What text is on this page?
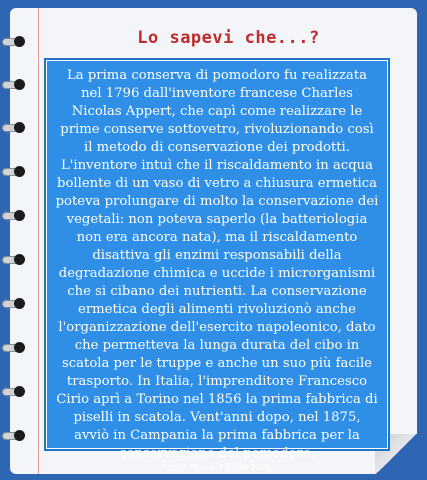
Lo sapevi che...?

La prima conserva di pomodoro fu realizzata nel 1796 dall'inventore francese Charles Nicolas Appert, che capì come realizzare le prime conserve sottovetro, rivoluzionando così il metodo di conservazione dei prodotti. L'inventore intuì che il riscaldamento in acqua bollente di un vaso di vetro a chiusura ermetica poteva prolungare di molto la conservazione dei vegetali: non poteva saperlo (la batteriologia non era ancora nata), ma il riscaldamento disattiva gli enzimi responsabili della degradazione chimica e uccide i microrganismi che si cibano dei nutrienti. La conservazione ermetica degli alimenti rivoluzionò anche l'organizzazione dell'esercito napoleonico, dato che permetteva la lunga durata del cibo in scatola per le truppe e anche un suo più facile trasporto. In Italia, l'imprenditore Francesco Cirio aprì a Torino nel 1856 la prima fabbrica di piselli in scatola. Vent'anni dopo, nel 1875, avviò in Campania la prima fabbrica per la conservazione del pomodoro.

Fonte: Focus, 7 aprile 2021
